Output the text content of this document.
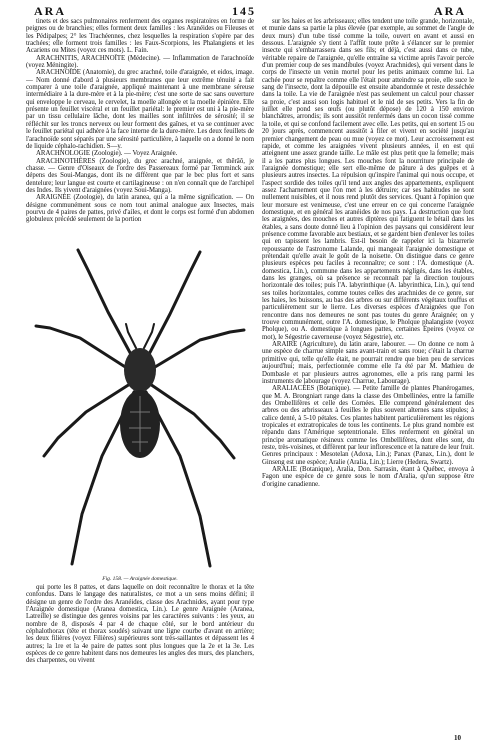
ARA	145	ARA

tinets et des sacs pulmonaires renferment des organes respiratoires en forme de peignes ou de branchies; elles forment deux familles : les Aranéides ou Fileuses et les Pédipalpes; 2° les Trachéennes, chez lesquelles la respiration s'opère par des trachées; elle forment trois familles : les Faux-Scorpions, les Phalangiens et les Acariens ou Mites (voyez ces mots). L. Fain.

ARACHNITIS, ARACHNOÏTE (Médecine). — Inflammation de l'arachnoïde (voyez Méningite).

ARACHNOÏDE (Anatomie), du grec arachné, toile d'araignée, et eidos, image. — Nom donné d'abord à plusieurs membranes que leur extrême ténuité a fait comparer à une toile d'araignée, appliqué maintenant à une membrane séreuse intermédiaire à la dure-mère et à la pie-mère; c'est une sorte de sac sans ouverture qui enveloppe le cerveau, le cervelet, la moelle allongée et la moelle épinière. Elle présente un feuillet viscéral et un feuillet pariétal: le premier est uni à la pie-mère par un tissu cellulaire lâche, dont les mailles sont infiltrées de sérosité; il se réfléchit sur les troncs nerveux ou leur forment des gaînes, et va se continuer avec le feuillet pariétal qui adhère à la face interne de la dure-mère. Les deux feuillets de l'arachnoïde sont séparés par une sérosité particulière, à laquelle on a donné le nom de liquide céphalo-rachidien. S—y.

ARACHNOLOGIE (Zoologie). — Voyez Araignée.

ARACHNOTHÈRES (Zoologie), du grec arachné, araignée, et thêrâô, je chasse. — Genre d'Oiseaux de l'ordre des Passereaux formé par Temminck aux dépens des Soui-Mangas, dont ils ne diffèrent que par le bec plus fort et sans dentelure; leur langue est courte et cartilagineuse : on n'en connaît que de l'archipel des Indes. Ils vivent d'araignées (voyez Soui-Manga).

ARAIGNÉE (Zoologie), du latin aranea, qui a la même signification. — On désigne communément sous ce nom tout animal analogue aux Insectes, mais pourvu de 4 paires de pattes, privé d'ailes, et dont le corps est formé d'un abdomen globuleux précédé seulement de la portion

Fig. 158. — Araignée domestique.

qui porte les 8 pattes, et dans laquelle on doit reconnaître le thorax et la tête confondus. Dans le langage des naturalistes, ce mot a un sens moins défini; il désigne un genre de l'ordre des Aranéides, classe des Arachnides, ayant pour type l'Araignée domestique (Aranea domestica, Lin.). Le genre Araignée (Aranea, Latreille) se distingue des genres voisins par les caractères suivants : les yeux, au nombre de 8, disposés 4 par 4 de chaque côté, sur le bord antérieur du céphalothorax (tête et thorax soudés) suivant une ligne courbe d'avant en arrière; les deux filières (voyez Filières) supérieures sont très-saillantes et dépassent les 4 autres; la 1re et la 4e paire de pattes sont plus longues que la 2e et la 3e. Les espèces de ce genre habitent dans nos demeures les angles des murs, des planchers, des charpentes, ou vivent

sur les haies et les arbrisseaux; elles tendent une toile grande, horizontale, et munie dans sa partie la plus élevée (par exemple, au sommet de l'angle de deux murs) d'un tube tissé comme la toile, ouvert en avant et aussi en dessous. L'araignée s'y tient à l'affût toute prête à s'élancer sur le premier insecte qui s'embarrassera dans ses fils; et déjà, c'est aussi dans ce tube, véritable repaire de l'araignée, qu'elle entraîne sa victime après l'avoir percée d'un premier coup de ses mandibules (voyez Arachnides), qui versent dans le corps de l'insecte un venin mortel pour les petits animaux comme lui. La cachée pour se repaître comme elle l'était pour atteindre sa proie, elle suce le sang de l'insecte, dont la dépouille est ensuite abandonnée et reste desséchée dans la toile. La vie de l'araignée n'est pas seulement un calcul pour chasser sa proie, c'est aussi son logis habituel et le nid de ses petits. Vers la fin de juillet elle pond ses œufs (ou plutôt dépose) de 120 à 150 environ blanchâtres, arrondis; ils sont aussitôt renfermés dans un cocon tissé comme la toile, et qui se confond facilement avec elle. Les petits, qui en sortent 15 ou 20 jours après, commencent aussitôt à filer et vivent en société jusqu'au premier changement de peau ou mue (voyez ce mot). Leur accroissement est rapide, et comme les araignées vivent plusieurs années, il en est qui atteignent une assez grande taille. Le mâle est plus petit que la femelle; mais il a les pattes plus longues. Les mouches font la nourriture principale de l'araignée domestique; elle sert elle-même de pâture à des guêpes et à plusieurs autres insectes. La répulsion qu'inspire l'animal qui nous occupe, et l'aspect sordide des toiles qu'il tend aux angles des appartements, expliquent assez l'acharnement que l'on met à les détruire; car ses habitudes ne sont nullement nuisibles, et il nous rend plutôt des services. Quant à l'opinion que leur morsure est venimeuse, c'est une erreur en ce qui concerne l'araignée domestique, et en général les aranéides de nos pays. La destruction que font les araignées, des mouches et autres diptères qui fatiguent le bétail dans les étables, a sans doute donné lieu à l'opinion des paysans qui considèrent leur présence comme favorable aux bestiaux, et se gardent bien d'enlever les toiles qui en tapissent les lambris. Est-il besoin de rappeler ici la bizarrerie repoussante de l'astronome Lalande, qui mangeait l'araignée domestique et prétendait qu'elle avait le goût de la noisette. On distingue dans ce genre plusieurs espèces peu faciles à reconnaître; ce sont : l'A. domestique (A. domestica, Lin.), commune dans les appartements négligés, dans les étables, dans les granges, où sa présence se reconnaît par la direction toujours horizontale des toiles; puis l'A. labyrinthique (A. labyrinthica, Lin.), qui tend ses toiles horizontales, comme toutes celles des arachnides de ce genre, sur les haies, les buissons, au bas des arbres ou sur différents végétaux touffus et particulièrement sur le lierre. Les diverses espèces d'Araignées que l'on rencontre dans nos demeures ne sont pas toutes du genre Araignée; on y trouve communément, outre l'A. domestique, le Pholque phalangiste (voyez Pholque), ou A. domestique à longues pattes, certaines Épeires (voyez ce mot), le Ségestrie caverneuse (voyez Ségestrie), etc.

ARAIRE (Agriculture), du latin arare, labourer. — On donne ce nom à une espèce de charrue simple sans avant-train et sans roue; c'était la charrue primitive qui, telle qu'elle était, ne pourrait rendre que bien peu de services aujourd'hui; mais, perfectionnée comme elle l'a été par M. Mathieu de Dombasle et par plusieurs autres agronomes, elle a pris rang parmi les instruments de labourage (voyez Charrue, Labourage).

ARALIACÉES (Botanique). — Petite famille de plantes Phanérogames, que M. A. Brongniart range dans la classe des Ombellinées, entre la famille des Ombellifères et celle des Cornées. Elle comprend généralement des arbres ou des arbrisseaux à feuilles le plus souvent alternes sans stipules; à calice denté, à 5-10 pétales. Ces plantes habitent particulièrement les régions tropicales et extratropicales de tous les continents. Le plus grand nombre est répandu dans l'Amérique septentrionale. Elles renferment en général un principe aromatique résineux comme les Ombellifères, dont elles sont, du reste, très-voisines, et diffèrent par leur inflorescence et la nature de leur fruit. Genres principaux : Mesotelan (Adoxa, Lin.); Panax (Panax, Lin.), dont le Ginseng est une espèce; Aralie (Aralia, Lin.); Lierre (Hedera, Swartz).

ARALIE (Botanique), Aralia, Don. Sarrasin, étant à Québec, envoya à Fagon une espèce de ce genre sous le nom d'Aralia, qu'un suppose être d'origine canadienne.

10
